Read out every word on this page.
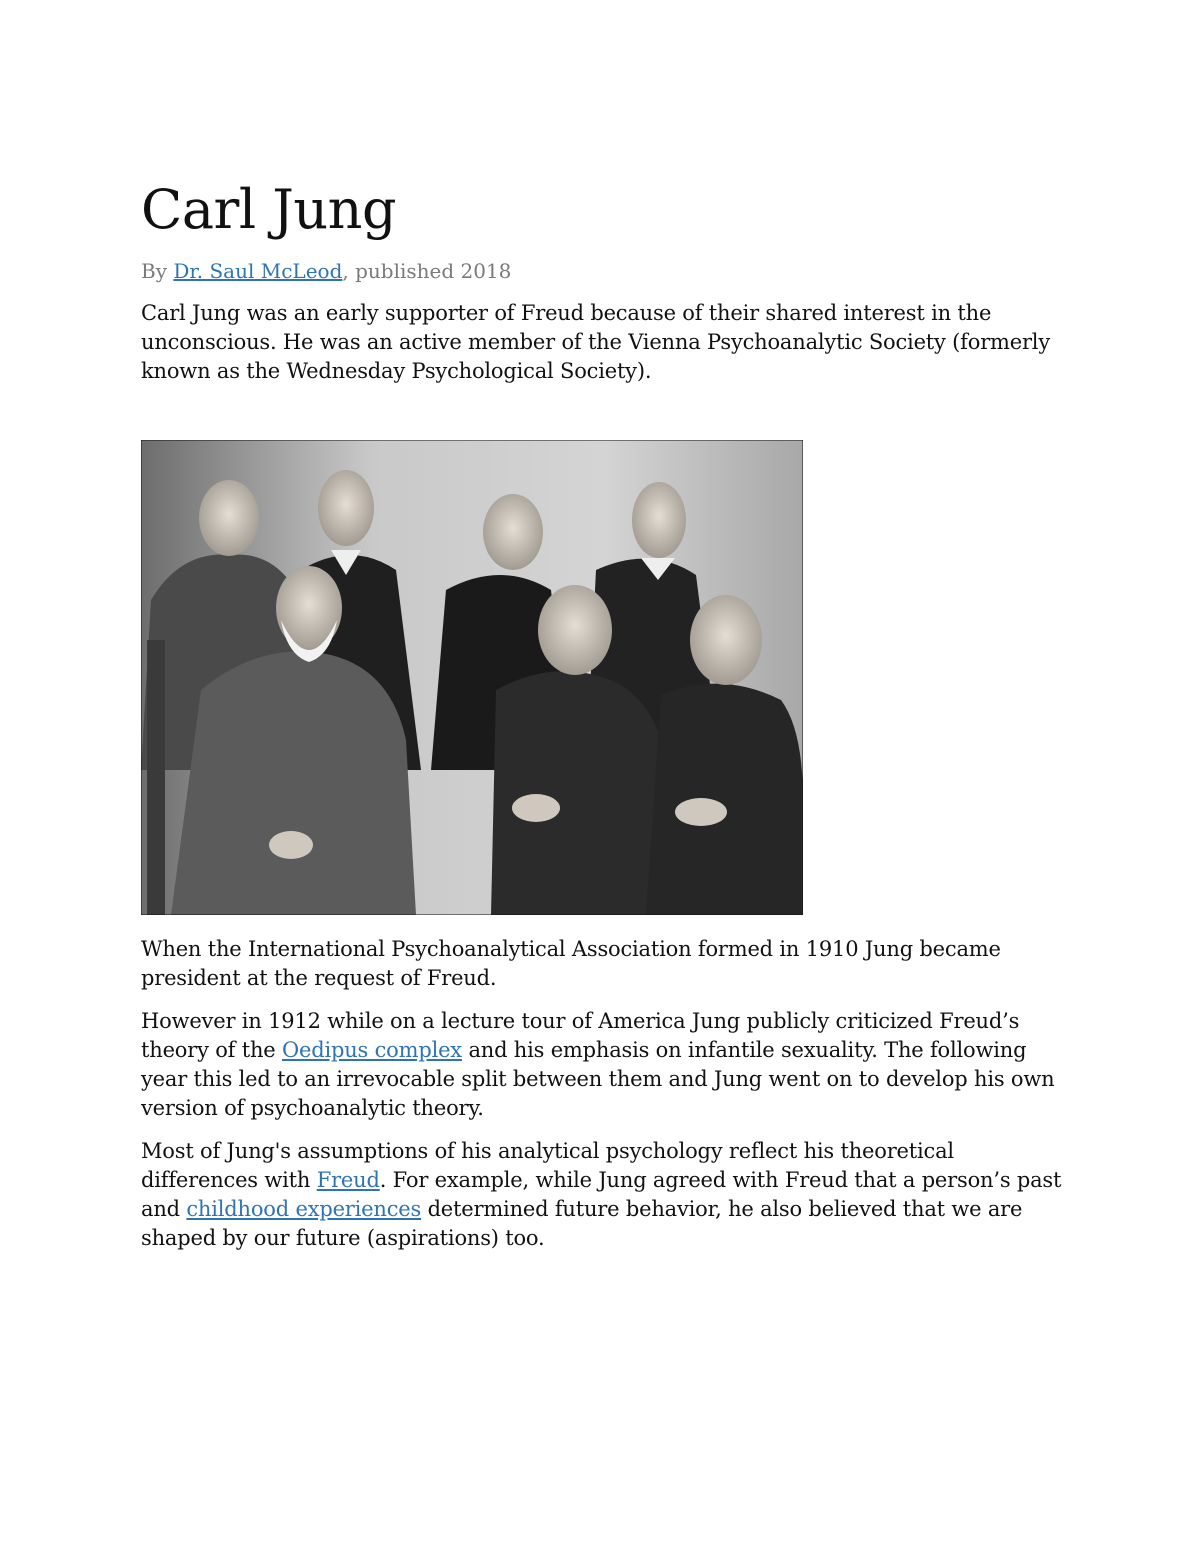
Carl Jung
By Dr. Saul McLeod, published 2018

Carl Jung was an early supporter of Freud because of their shared interest in the unconscious. He was an active member of the Vienna Psychoanalytic Society (formerly known as the Wednesday Psychological Society).

When the International Psychoanalytical Association formed in 1910 Jung became president at the request of Freud.

However in 1912 while on a lecture tour of America Jung publicly criticized Freud’s theory of the Oedipus complex and his emphasis on infantile sexuality. The following year this led to an irrevocable split between them and Jung went on to develop his own version of psychoanalytic theory.

Most of Jung's assumptions of his analytical psychology reflect his theoretical differences with Freud. For example, while Jung agreed with Freud that a person’s past and childhood experiences determined future behavior, he also believed that we are shaped by our future (aspirations) too.
